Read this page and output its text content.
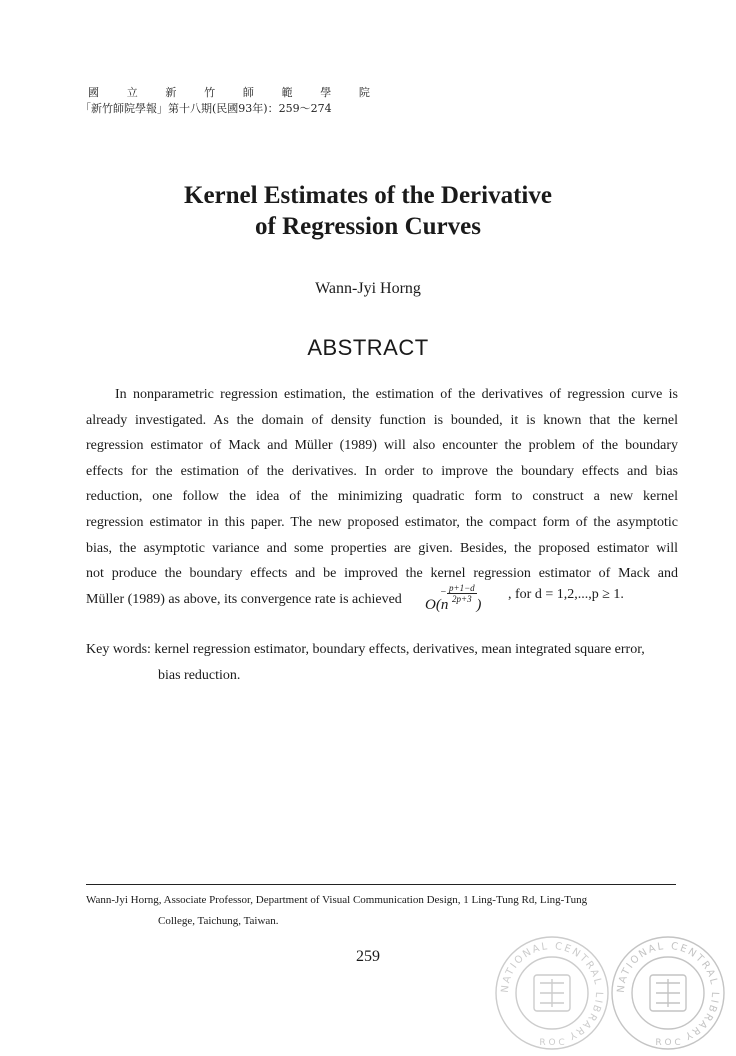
國	立	新	竹	師	範	學	院
「新竹師院學報」第十八期(民國93年)：259～274
Kernel Estimates of the Derivative
of Regression Curves
Wann-Jyi Horng
ABSTRACT

In nonparametric regression estimation, the estimation of the derivatives of regression curve is
already investigated. As the domain of density function is bounded, it is known that the kernel
regression estimator of Mack and Müller (1989) will also encounter the problem of the boundary
effects for the estimation of the derivatives. In order to improve the boundary effects and bias
reduction, one follow the idea of the minimizing quadratic form to construct a new kernel
regression estimator in this paper. The new proposed estimator, the compact form of the asymptotic
bias, the asymptotic variance and some properties are given. Besides, the proposed estimator will
not produce the boundary effects and be improved the kernel regression estimator of Mack and
Müller (1989) as above, its convergence rate is achieved	O(n )
− p+1−d
2p+3	, for d = 1,2,...,p ≥ 1.

Key words: kernel regression estimator, boundary effects, derivatives, mean integrated square error,
bias reduction.

Wann-Jyi Horng, Associate Professor, Department of Visual Communication Design, 1 Ling-Tung Rd, Ling-Tung
College, Taichung, Taiwan.

259
NATIONAL CENTRAL LIBRARY
R O C
NATIONAL CENTRAL LIBRARY
R O C
